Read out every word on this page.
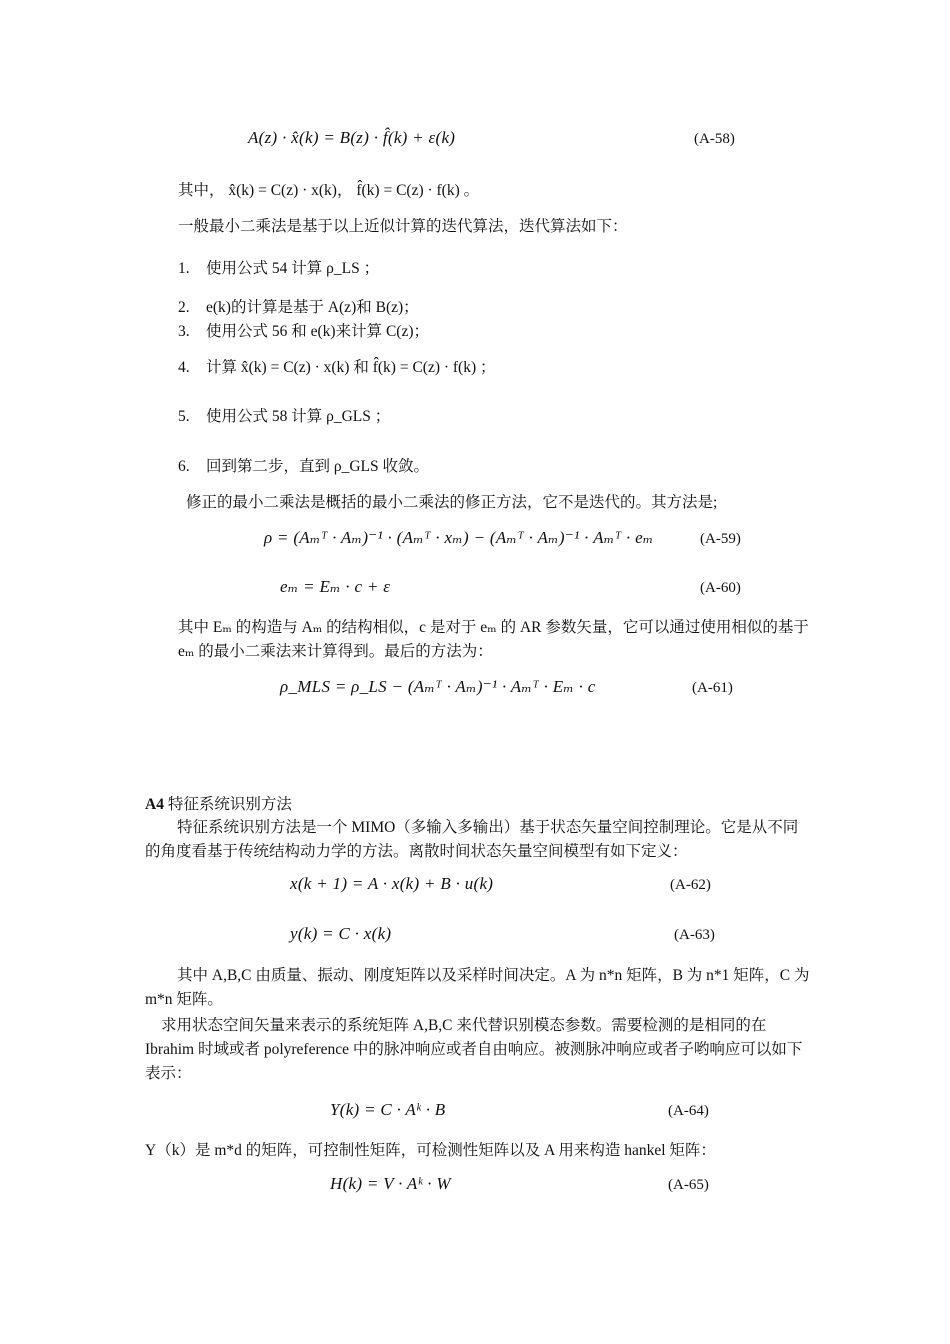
A(z) · x̂(k) = B(z) · f̂(k) + ε(k)	(A-58)
其中， x̂(k) = C(z) · x(k)， f̂(k) = C(z) · f(k) 。
一般最小二乘法是基于以上近似计算的迭代算法，迭代算法如下：
1. 使用公式 54 计算 ρ_LS ；
2. e(k)的计算是基于 A(z)和 B(z)；
3. 使用公式 56 和 e(k)来计算 C(z)；
4. 计算 x̂(k) = C(z) · x(k) 和 f̂(k) = C(z) · f(k) ；
5. 使用公式 58 计算 ρ_GLS ；
6. 回到第二步，直到 ρ_GLS 收敛。
修正的最小二乘法是概括的最小二乘法的修正方法，它不是迭代的。其方法是;
ρ = (Aₘᵀ · Aₘ)⁻¹ · (Aₘᵀ · xₘ) − (Aₘᵀ · Aₘ)⁻¹ · Aₘᵀ · eₘ	(A-59)
eₘ = Eₘ · c + ε	(A-60)
其中 Eₘ 的构造与 Aₘ 的结构相似，c 是对于 eₘ 的 AR 参数矢量，它可以通过使用相似的基于 eₘ 的最小二乘法来计算得到。最后的方法为：
ρ_MLS = ρ_LS − (Aₘᵀ · Aₘ)⁻¹ · Aₘᵀ · Eₘ · c	(A-61)
A4 特征系统识别方法
特征系统识别方法是一个 MIMO（多输入多输出）基于状态矢量空间控制理论。它是从不同的角度看基于传统结构动力学的方法。离散时间状态矢量空间模型有如下定义：
x(k + 1) = A · x(k) + B · u(k)	(A-62)
y(k) = C · x(k)	(A-63)
其中 A,B,C 由质量、振动、刚度矩阵以及采样时间决定。A 为 n*n 矩阵，B 为 n*1 矩阵，C 为 m*n 矩阵。
求用状态空间矢量来表示的系统矩阵 A,B,C 来代替识别模态参数。需要检测的是相同的在 Ibrahim 时域或者 polyreference 中的脉冲响应或者自由响应。被测脉冲响应或者子哟响应可以如下表示：
Y(k) = C · Aᵏ · B	(A-64)
Y（k）是 m*d 的矩阵，可控制性矩阵，可检测性矩阵以及 A 用来构造 hankel 矩阵：
H(k) = V · Aᵏ · W	(A-65)
